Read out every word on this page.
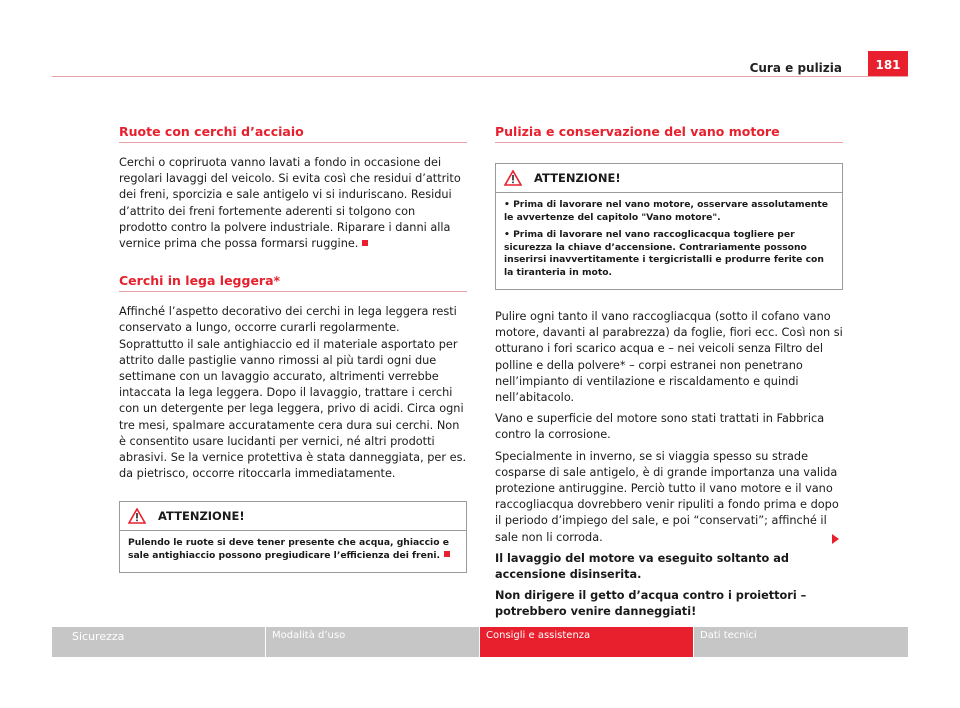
Cura e pulizia	181
Ruote con cerchi d’acciaio

Cerchi o copriruota vanno lavati a fondo in occasione dei regolari lavaggi del veicolo. Si evita così che residui d’attrito dei freni, sporcizia e sale antigelo vi si induriscano. Residui d’attrito dei freni fortemente aderenti si tolgono con prodotto contro la polvere industriale. Riparare i danni alla vernice prima che possa formarsi ruggine.

Cerchi in lega leggera*

Affinché l’aspetto decorativo dei cerchi in lega leggera resti conservato a lungo, occorre curarli regolarmente. Soprattutto il sale antighiaccio ed il materiale asportato per attrito dalle pastiglie vanno rimossi al più tardi ogni due settimane con un lavaggio accurato, altrimenti verrebbe intaccata la lega leggera. Dopo il lavaggio, trattare i cerchi con un detergente per lega leggera, privo di acidi. Circa ogni tre mesi, spalmare accuratamente cera dura sui cerchi. Non è consentito usare lucidanti per vernici, né altri prodotti abrasivi. Se la vernice protettiva è stata danneggiata, per es. da pietrisco, occorre ritoccarla immediatamente.

ATTENZIONE!

Pulendo le ruote si deve tener presente che acqua, ghiaccio e sale antighiaccio possono pregiudicare l’efficienza dei freni.

Pulizia e conservazione del vano motore
ATTENZIONE!

• Prima di lavorare nel vano motore, osservare assolutamente le avvertenze del capitolo "Vano motore".

• Prima di lavorare nel vano raccoglicacqua togliere per sicurezza la chiave d’accensione. Contrariamente possono inserirsi inavvertitamente i tergicristalli e produrre ferite con la tiranteria in moto.

Pulire ogni tanto il vano raccogliacqua (sotto il cofano vano motore, davanti al parabrezza) da foglie, fiori ecc. Così non si otturano i fori scarico acqua e – nei veicoli senza Filtro del polline e della polvere* – corpi estranei non penetrano nell’impianto di ventilazione e riscaldamento e quindi nell’abitacolo.

Vano e superficie del motore sono stati trattati in Fabbrica contro la corrosione.

Specialmente in inverno, se si viaggia spesso su strade cosparse di sale antigelo, è di grande importanza una valida protezione antiruggine. Perciò tutto il vano motore e il vano raccogliacqua dovrebbero venir ripuliti a fondo prima e dopo il periodo d’impiego del sale, e poi “conservati”; affinché il sale non li corroda.

Il lavaggio del motore va eseguito soltanto ad accensione disinserita.

Non dirigere il getto d’acqua contro i proiettori – potrebbero venire danneggiati!

Sicurezza	Modalità d’uso	Consigli e assistenza	Dati tecnici
